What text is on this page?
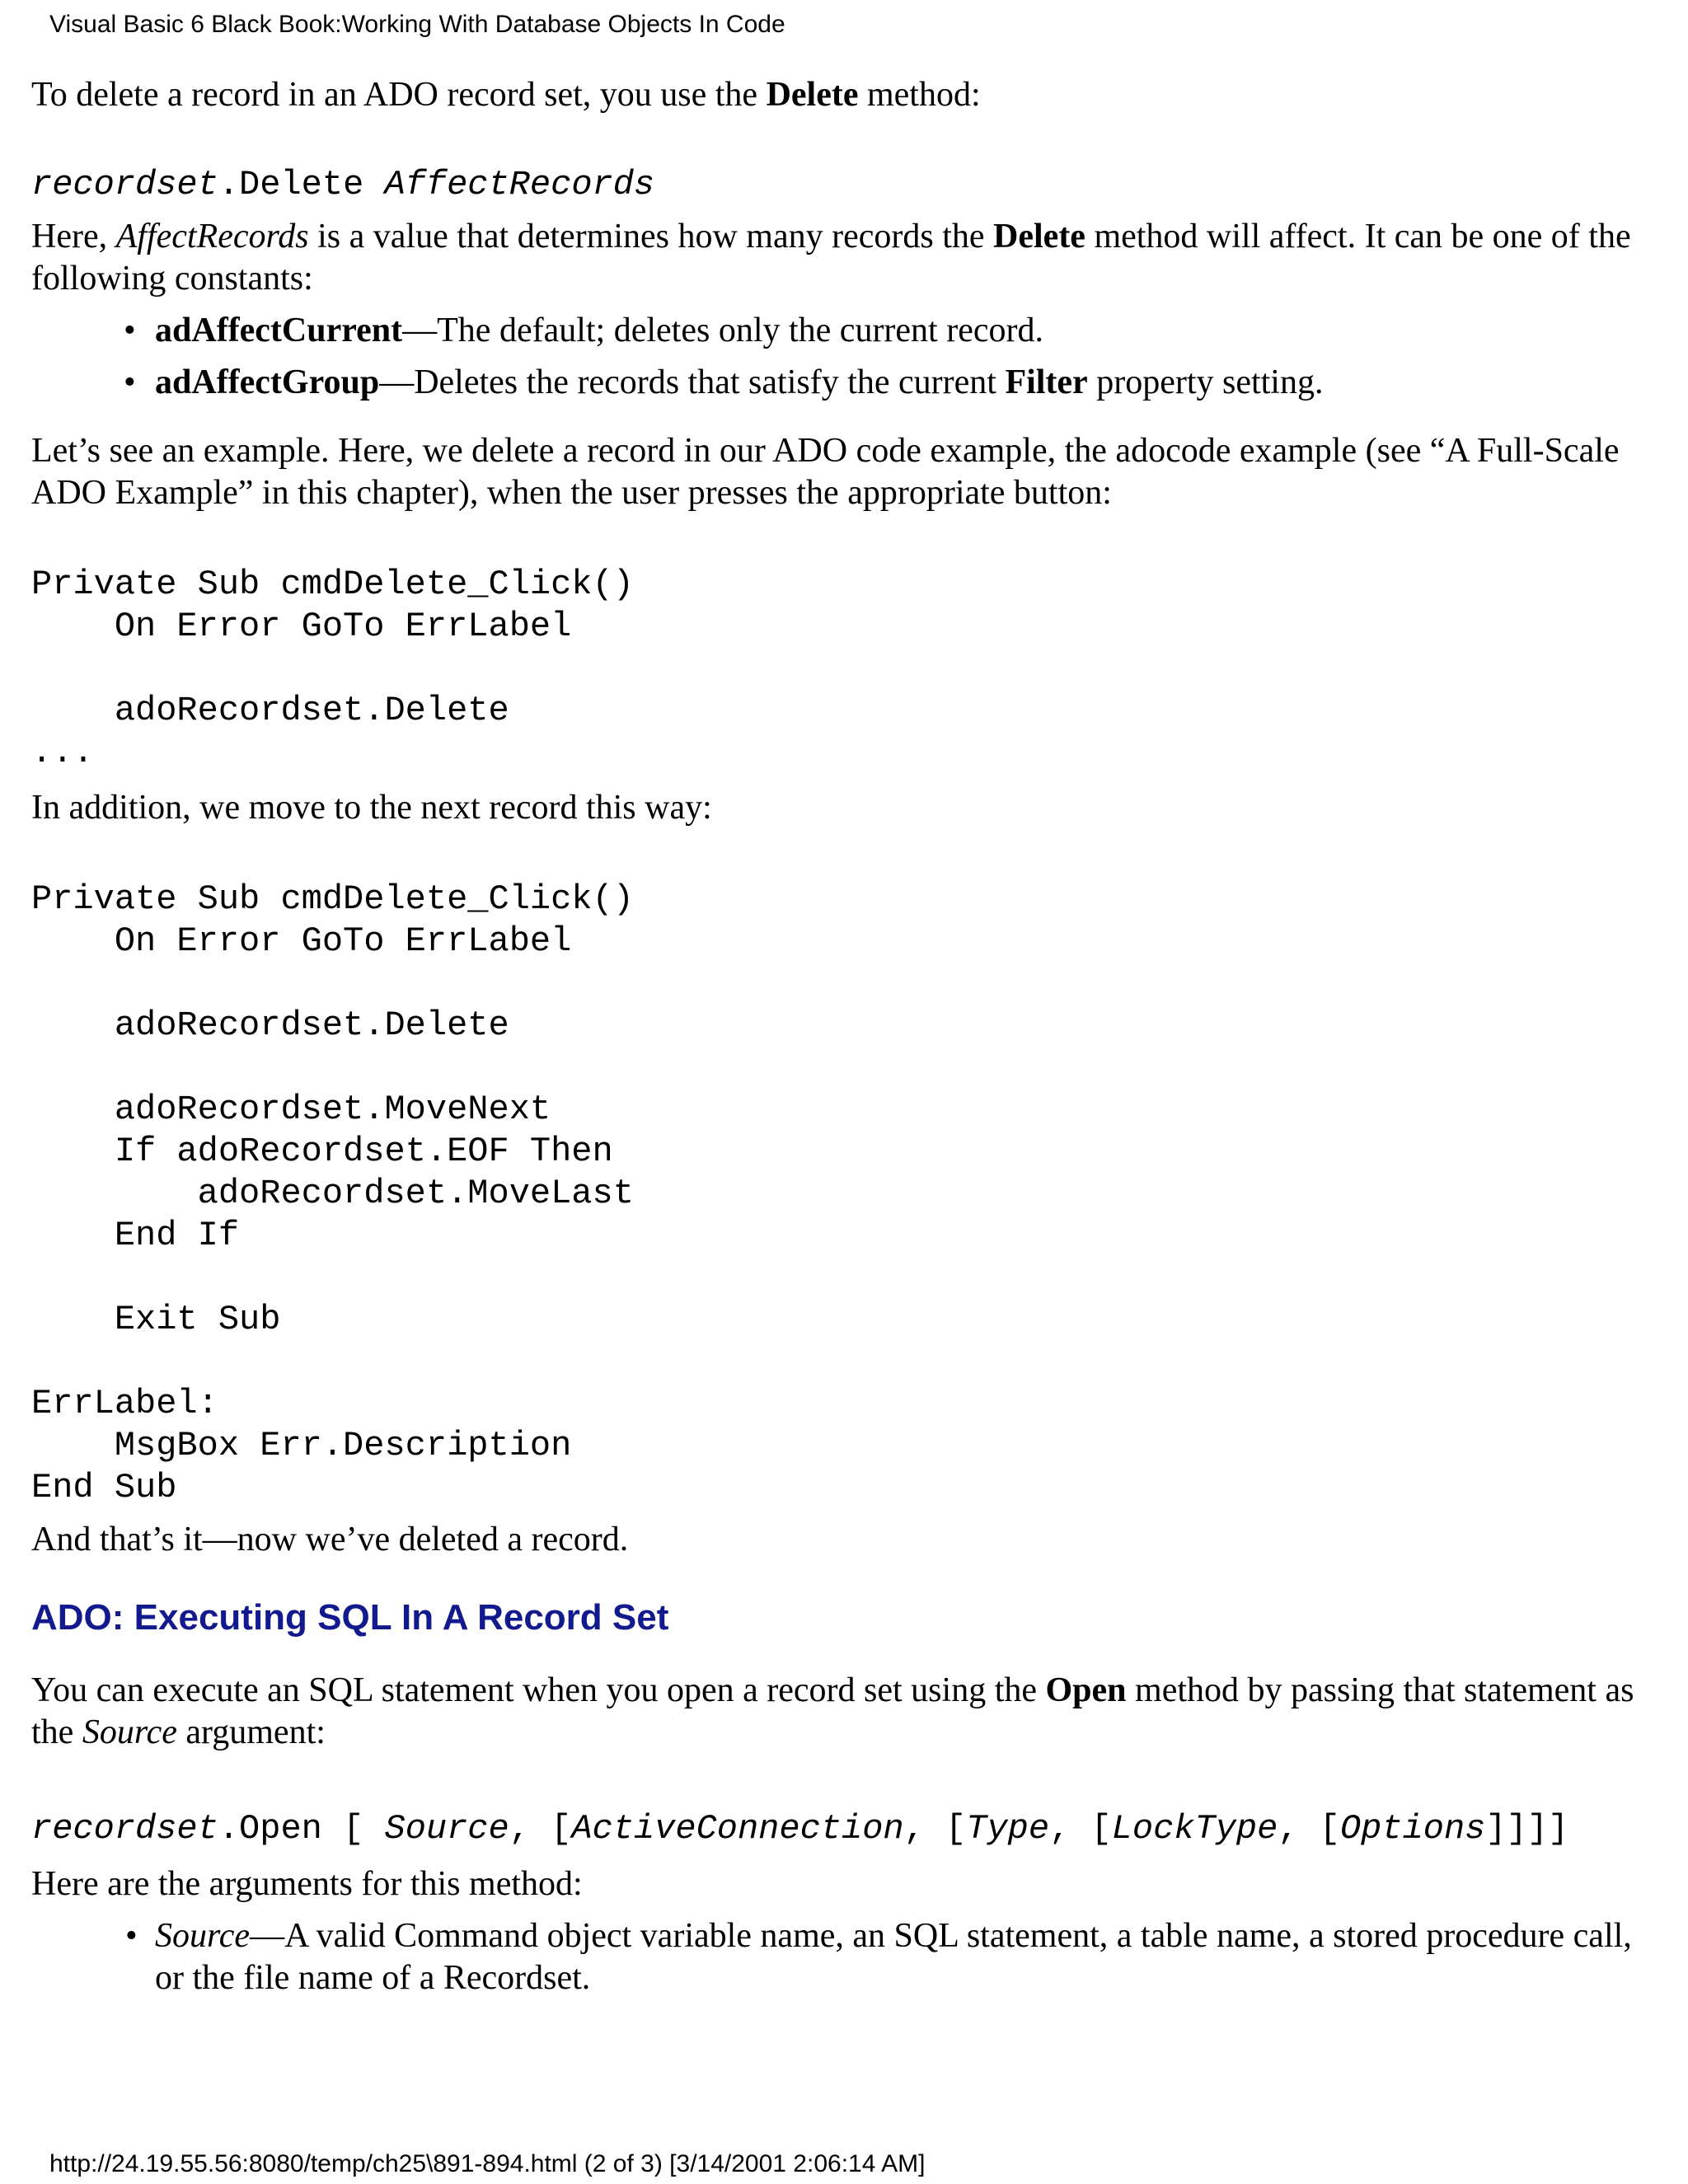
Visual Basic 6 Black Book:Working With Database Objects In Code

To delete a record in an ADO record set, you use the Delete method:

recordset.Delete AffectRecords

Here, AffectRecords is a value that determines how many records the Delete method will affect. It can be one of the following constants:

• adAffectCurrent—The default; deletes only the current record.
• adAffectGroup—Deletes the records that satisfy the current Filter property setting.

Let’s see an example. Here, we delete a record in our ADO code example, the adocode example (see “A Full-Scale ADO Example” in this chapter), when the user presses the appropriate button:

Private Sub cmdDelete_Click()
On Error GoTo ErrLabel

adoRecordset.Delete
...

In addition, we move to the next record this way:

Private Sub cmdDelete_Click()
On Error GoTo ErrLabel

adoRecordset.Delete

adoRecordset.MoveNext
If adoRecordset.EOF Then
adoRecordset.MoveLast
End If

Exit Sub

ErrLabel:
MsgBox Err.Description
End Sub

And that’s it—now we’ve deleted a record.

ADO: Executing SQL In A Record Set

You can execute an SQL statement when you open a record set using the Open method by passing that statement as the Source argument:

recordset.Open [ Source, [ActiveConnection, [Type, [LockType, [Options]]]]

Here are the arguments for this method:

• Source—A valid Command object variable name, an SQL statement, a table name, a stored procedure call, or the file name of a Recordset.
http://24.19.55.56:8080/temp/ch25\891-894.html (2 of 3) [3/14/2001 2:06:14 AM]
